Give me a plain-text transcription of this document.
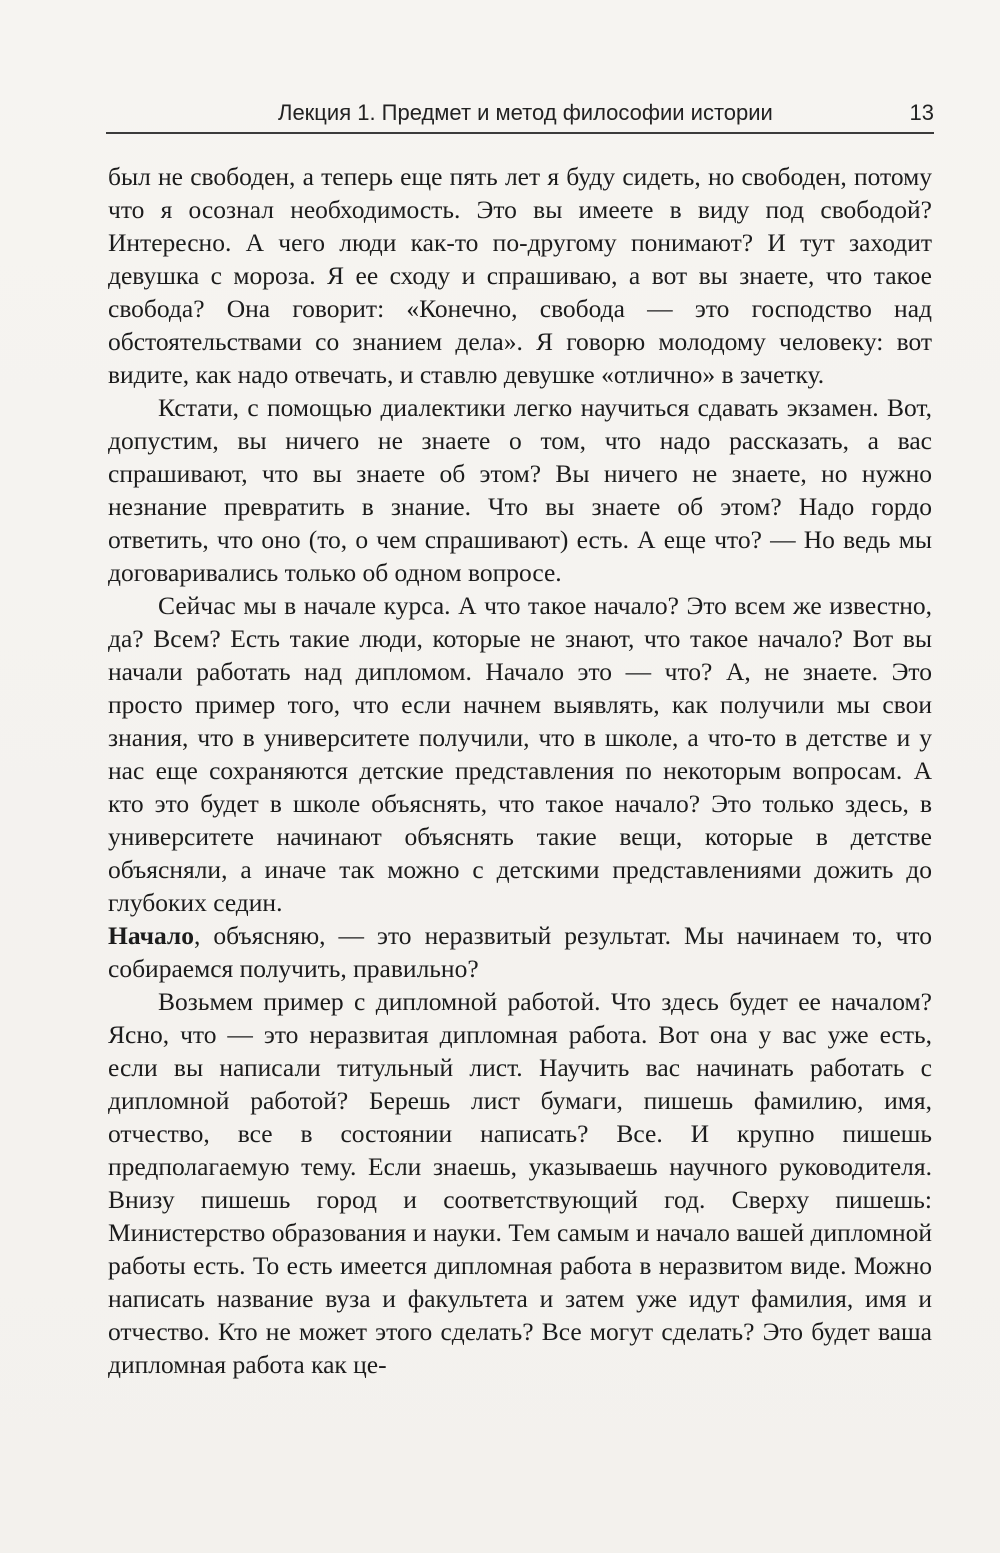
Лекция 1. Предмет и метод философии истории	13

был не свободен, а теперь еще пять лет я буду сидеть, но свободен, потому что я осознал необходимость. Это вы имеете в виду под свободой? Интересно. А чего люди как-то по-другому понимают? И тут заходит девушка с мороза. Я ее сходу и спрашиваю, а вот вы знаете, что такое свобода? Она говорит: «Конечно, свобода — это господство над обстоятельствами со знанием дела». Я говорю молодому человеку: вот видите, как надо отвечать, и ставлю девушке «отлично» в зачетку.

Кстати, с помощью диалектики легко научиться сдавать экзамен. Вот, допустим, вы ничего не знаете о том, что надо рассказать, а вас спрашивают, что вы знаете об этом? Вы ничего не знаете, но нужно незнание превратить в знание. Что вы знаете об этом? Надо гордо ответить, что оно (то, о чем спрашивают) есть. А еще что? — Но ведь мы договаривались только об одном вопросе.

Сейчас мы в начале курса. А что такое начало? Это всем же известно, да? Всем? Есть такие люди, которые не знают, что такое начало? Вот вы начали работать над дипломом. Начало это — что? А, не знаете. Это просто пример того, что если начнем выявлять, как получили мы свои знания, что в университете получили, что в школе, а что-то в детстве и у нас еще сохраняются детские представления по некоторым вопросам. А кто это будет в школе объяснять, что такое начало? Это только здесь, в университете начинают объяснять такие вещи, которые в детстве объясняли, а иначе так можно с детскими представлениями дожить до глубоких седин.

Начало, объясняю, — это неразвитый результат. Мы начинаем то, что собираемся получить, правильно?

Возьмем пример с дипломной работой. Что здесь будет ее началом? Ясно, что — это неразвитая дипломная работа. Вот она у вас уже есть, если вы написали титульный лист. Научить вас начинать работать с дипломной работой? Берешь лист бумаги, пишешь фамилию, имя, отчество, все в состоянии написать? Все. И крупно пишешь предполагаемую тему. Если знаешь, указываешь научного руководителя. Внизу пишешь город и соответствующий год. Сверху пишешь: Министерство образования и науки. Тем самым и начало вашей дипломной работы есть. То есть имеется дипломная работа в неразвитом виде. Можно написать название вуза и факультета и затем уже идут фамилия, имя и отчество. Кто не может этого сделать? Все могут сделать? Это будет ваша дипломная работа как це-
